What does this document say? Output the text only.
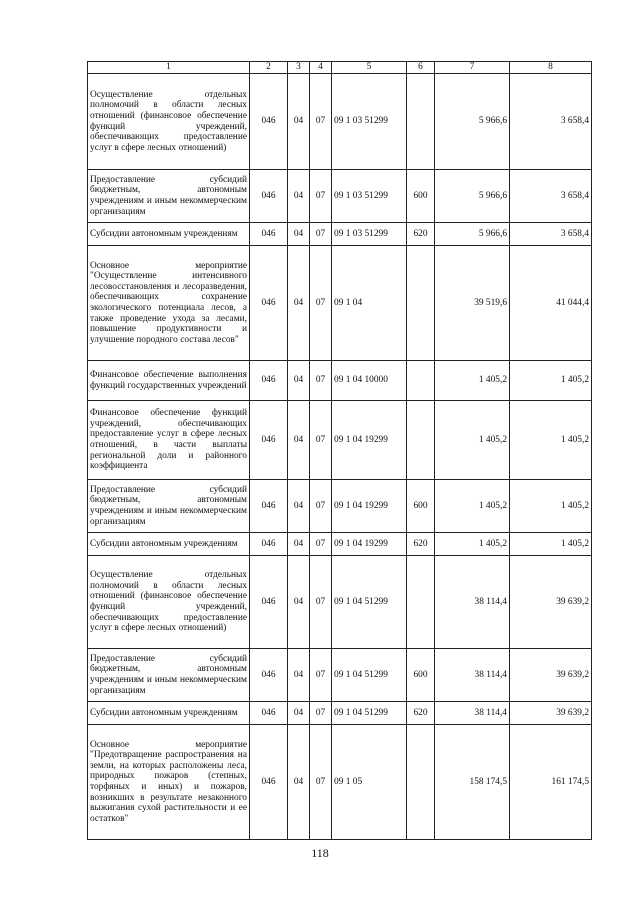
1	2	3	4	5	6	7	8
Осуществление отдельных полномочий в области лесных отношений (финансовое обеспечение функций учреждений, обеспечивающих предоставление услуг в сфере лесных отношений)	046	04	07	09 1 03 51299		5 966,6	3 658,4
Предоставление субсидий бюджетным, автономным учреждениям и иным некоммерческим организациям	046	04	07	09 1 03 51299	600	5 966,6	3 658,4
Субсидии автономным учреждениям	046	04	07	09 1 03 51299	620	5 966,6	3 658,4
Основное мероприятие "Осуществление интенсивного лесовосстановления и лесоразведения, обеспечивающих сохранение экологического потенциала лесов, а также проведение ухода за лесами, повышение продуктивности и улучшение породного состава лесов"	046	04	07	09 1 04		39 519,6	41 044,4
Финансовое обеспечение выполнения функций государственных учреждений	046	04	07	09 1 04 10000		1 405,2	1 405,2
Финансовое обеспечение функций учреждений, обеспечивающих предоставление услуг в сфере лесных отношений, в части выплаты региональной доли и районного коэффициента	046	04	07	09 1 04 19299		1 405,2	1 405,2
Предоставление субсидий бюджетным, автономным учреждениям и иным некоммерческим организациям	046	04	07	09 1 04 19299	600	1 405,2	1 405,2
Субсидии автономным учреждениям	046	04	07	09 1 04 19299	620	1 405,2	1 405,2
Осуществление отдельных полномочий в области лесных отношений (финансовое обеспечение функций учреждений, обеспечивающих предоставление услуг в сфере лесных отношений)	046	04	07	09 1 04 51299		38 114,4	39 639,2
Предоставление субсидий бюджетным, автономным учреждениям и иным некоммерческим организациям	046	04	07	09 1 04 51299	600	38 114,4	39 639,2
Субсидии автономным учреждениям	046	04	07	09 1 04 51299	620	38 114,4	39 639,2
Основное мероприятие "Предотвращение распространения на земли, на которых расположены леса, природных пожаров (степных, торфяных и иных) и пожаров, возникших в результате незаконного выжигания сухой растительности и ее остатков"	046	04	07	09 1 05		158 174,5	161 174,5
118
